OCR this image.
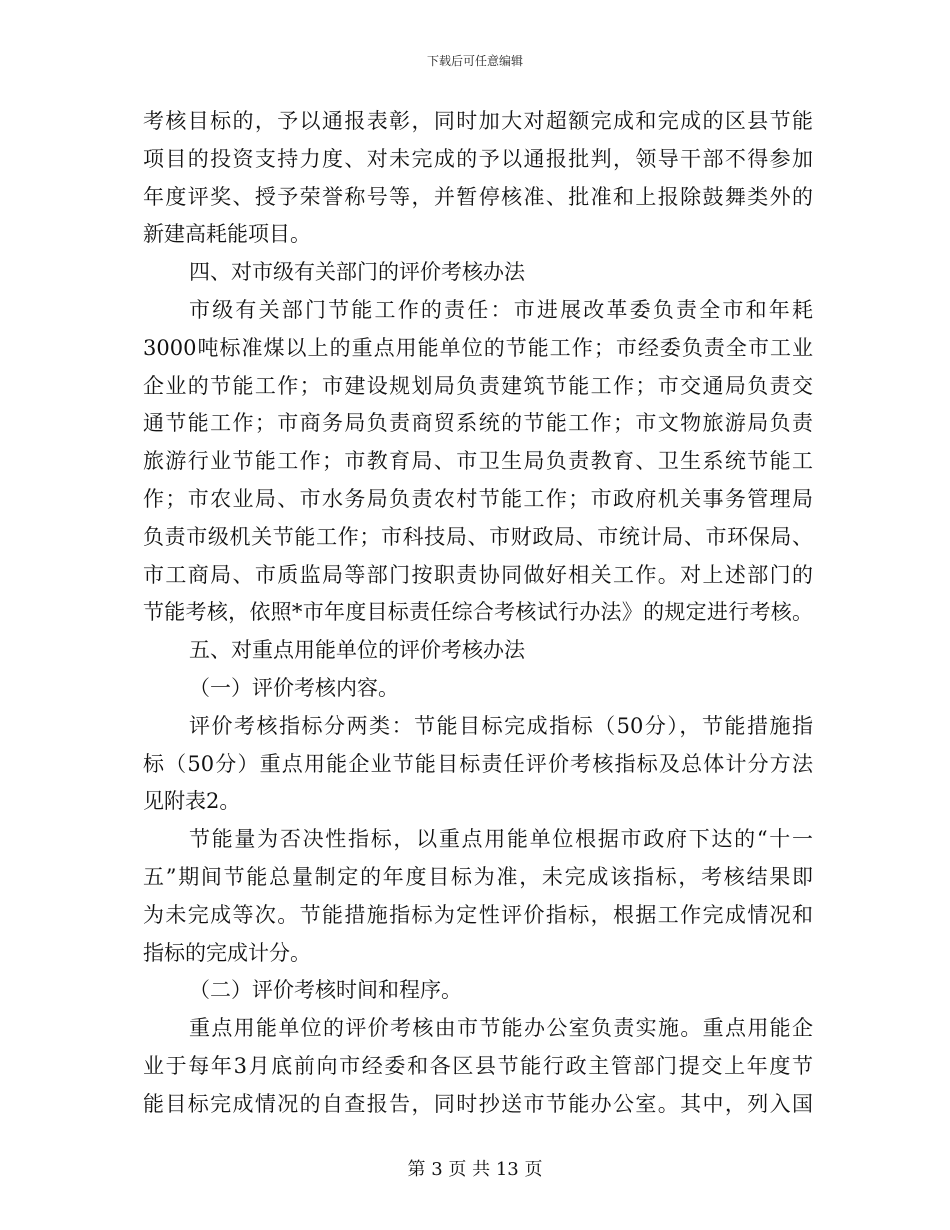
下载后可任意编辑
考核目标的，予以通报表彰，同时加大对超额完成和完成的区县节能
项目的投资支持力度、对未完成的予以通报批判，领导干部不得参加
年度评奖、授予荣誉称号等，并暂停核准、批准和上报除鼓舞类外的
新建高耗能项目。
四、对市级有关部门的评价考核办法
市级有关部门节能工作的责任：市进展改革委负责全市和年耗
3000吨标准煤以上的重点用能单位的节能工作；市经委负责全市工业
企业的节能工作；市建设规划局负责建筑节能工作；市交通局负责交
通节能工作；市商务局负责商贸系统的节能工作；市文物旅游局负责
旅游行业节能工作；市教育局、市卫生局负责教育、卫生系统节能工
作；市农业局、市水务局负责农村节能工作；市政府机关事务管理局
负责市级机关节能工作；市科技局、市财政局、市统计局、市环保局、
市工商局、市质监局等部门按职责协同做好相关工作。对上述部门的
节能考核，依照*市年度目标责任综合考核试行办法》的规定进行考核。
五、对重点用能单位的评价考核办法
（一）评价考核内容。
评价考核指标分两类：节能目标完成指标（50分），节能措施指
标（50分）重点用能企业节能目标责任评价考核指标及总体计分方法
见附表2。
节能量为否决性指标，以重点用能单位根据市政府下达的“十一
五”期间节能总量制定的年度目标为准，未完成该指标，考核结果即
为未完成等次。节能措施指标为定性评价指标，根据工作完成情况和
指标的完成计分。
（二）评价考核时间和程序。
重点用能单位的评价考核由市节能办公室负责实施。重点用能企
业于每年3月底前向市经委和各区县节能行政主管部门提交上年度节
能目标完成情况的自查报告，同时抄送市节能办公室。其中，列入国
第 3 页 共 13 页
